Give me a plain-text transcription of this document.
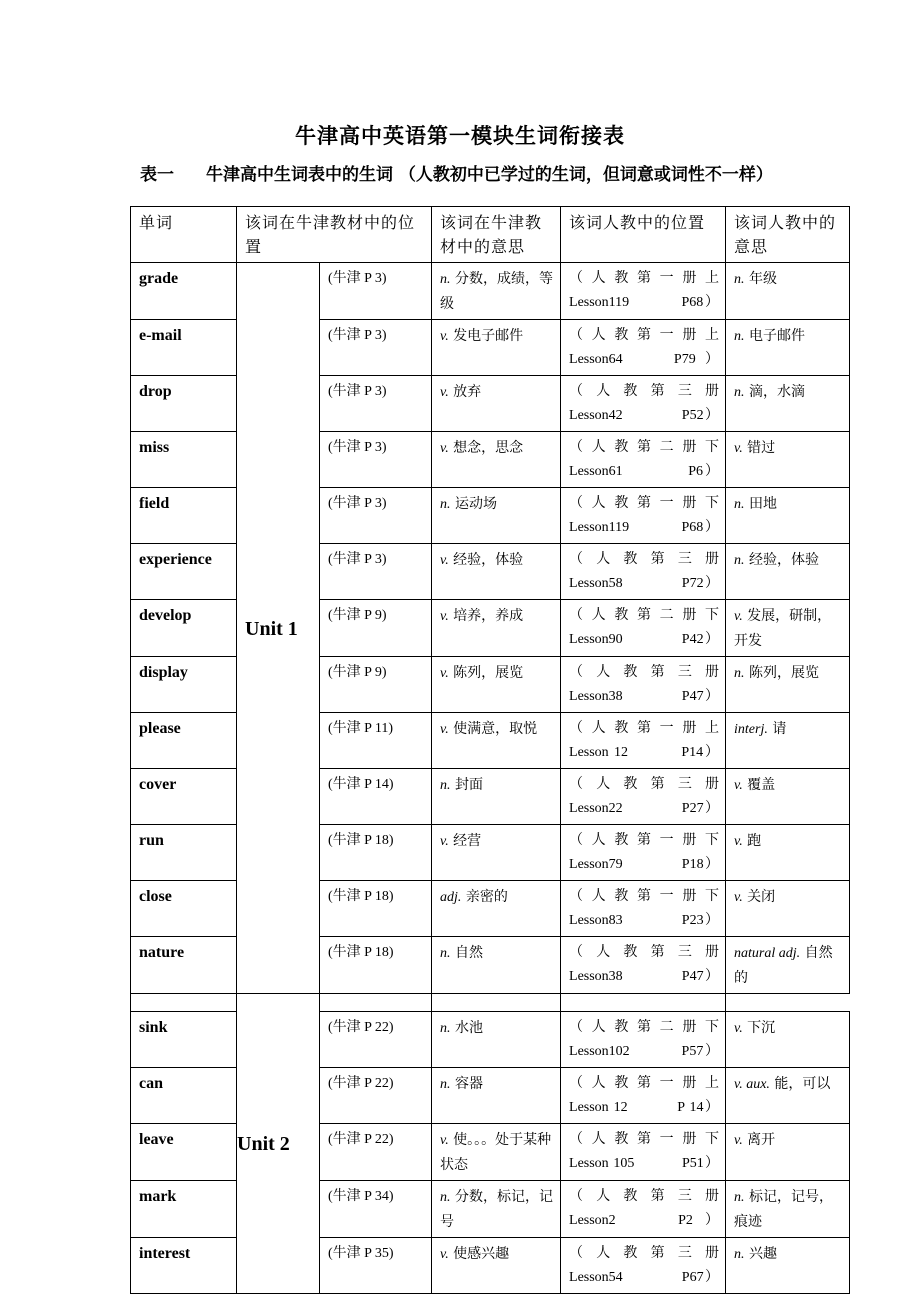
牛津高中英语第一模块生词衔接表
表一 牛津高中生词表中的生词 （人教初中已学过的生词，但词意或词性不一样）
单词	该词在牛津教材中的位置		该词在牛津教材中的意思	该词人教中的位置	该词人教中的意思
grade	Unit 1	(牛津 P 3)	n. 分数，成绩，等级	（ 人 教 第 一 册 上
Lesson119          P68）	n. 年级
e-mail		(牛津 P 3)	v. 发电子邮件	（ 人 教 第 一 册 上
Lesson64    P79）	n. 电子邮件
drop		(牛津 P 3)	v. 放弃	（ 人 教 第 三 册
Lesson42            P52）	n. 滴，水滴
miss		(牛津 P 3)	v. 想念，思念	（ 人 教 第 二 册 下
Lesson61            P6）	v. 错过
field		(牛津 P 3)	n. 运动场	（ 人 教 第 一 册 下
Lesson119          P68）	n. 田地
experience		(牛津 P 3)	v. 经验，体验	（ 人 教 第 三 册
Lesson58            P72）	n. 经验，体验
develop		(牛津 P 9)	v. 培养，养成	（ 人 教 第 二 册 下
Lesson90            P42）	v. 发展，研制，开发
display		(牛津 P 9)	v. 陈列，展览	（ 人 教 第 三 册
Lesson38            P47）	n. 陈列，展览
please		(牛津 P 11)	v. 使满意，取悦	（ 人 教 第 一 册 上
Lesson 12          P14）	interj. 请
cover		(牛津 P 14)	n. 封面	（ 人 教 第 三 册
Lesson22            P27）	v. 覆盖
run		(牛津 P 18)	v. 经营	（ 人 教 第 一 册 下
Lesson79            P18）	v. 跑
close		(牛津 P 18)	adj. 亲密的	（ 人 教 第 一 册 下
Lesson83            P23）	v. 关闭
nature		(牛津 P 18)	n. 自然	（ 人 教 第 三 册
Lesson38            P47）	natural adj. 自然的
	Unit 2				
sink		(牛津 P 22)	n. 水池	（ 人 教 第 二 册 下
Lesson102          P57）	v. 下沉
can		(牛津 P 22)	n. 容器	（ 人 教 第 一 册 上
Lesson 12          P 14）	v. aux. 能，可以
leave		(牛津 P 22)	v. 使。。。处于某种状态	（ 人 教 第 一 册 下
Lesson 105          P51）	v. 离开
mark		(牛津 P 34)	n. 分数，标记，记号	（ 人 教 第 三 册
Lesson2    P2）	n. 标记，记号，痕迹
interest		(牛津 P 35)	v. 使感兴趣	（ 人 教 第 三 册
Lesson54            P67）	n. 兴趣
